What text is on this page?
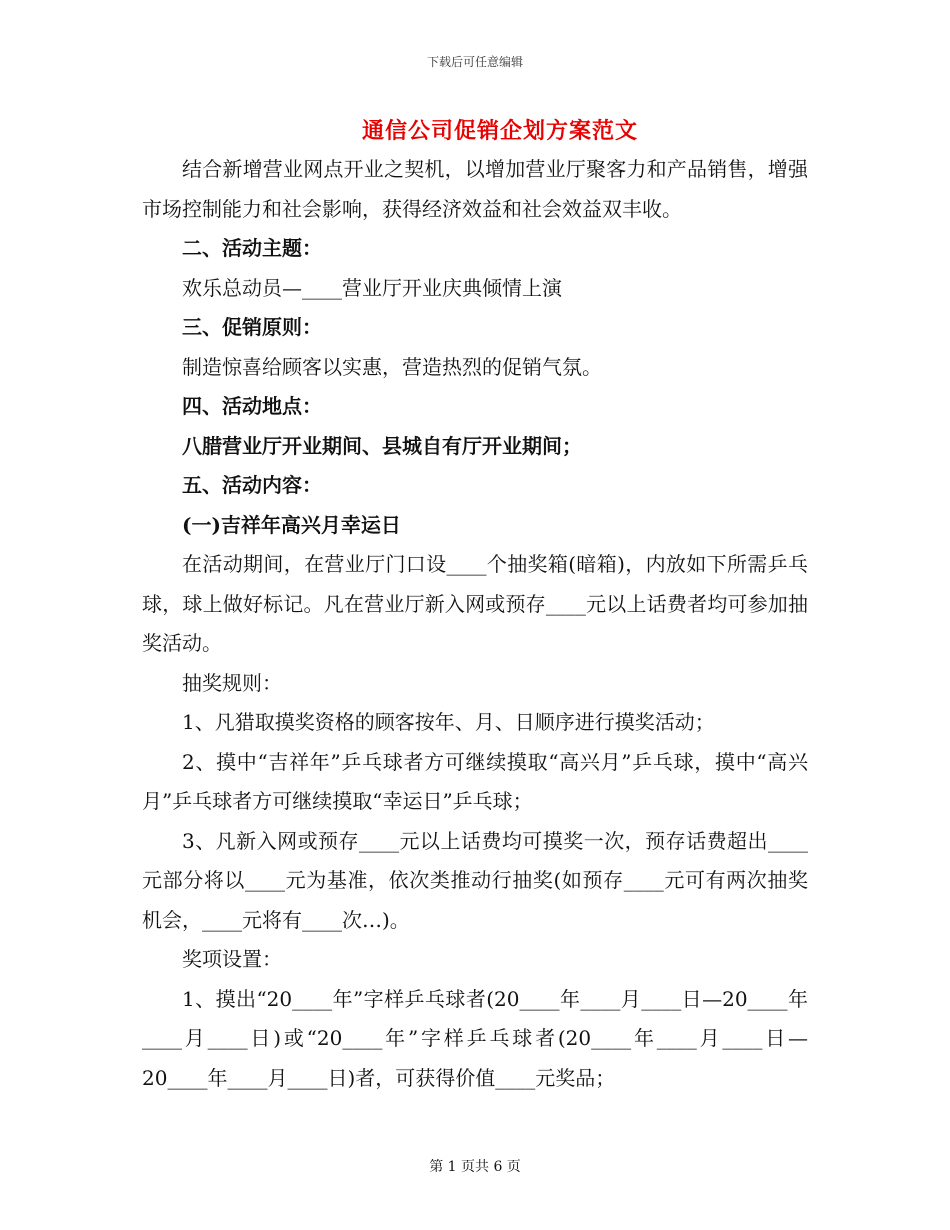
下载后可任意编辑
通信公司促销企划方案范文

结合新增营业网点开业之契机，以增加营业厅聚客力和产品销售，增强市场控制能力和社会影响，获得经济效益和社会效益双丰收。

二、活动主题：

欢乐总动员—____营业厅开业庆典倾情上演

三、促销原则：

制造惊喜给顾客以实惠，营造热烈的促销气氛。

四、活动地点：

八腊营业厅开业期间、县城自有厅开业期间；

五、活动内容：

(一)吉祥年高兴月幸运日

在活动期间，在营业厅门口设____个抽奖箱(暗箱)，内放如下所需乒乓球，球上做好标记。凡在营业厅新入网或预存____元以上话费者均可参加抽奖活动。

抽奖规则：

1、凡猎取摸奖资格的顾客按年、月、日顺序进行摸奖活动；

2、摸中“吉祥年”乒乓球者方可继续摸取“高兴月”乒乓球，摸中“高兴月”乒乓球者方可继续摸取“幸运日”乒乓球；

3、凡新入网或预存____元以上话费均可摸奖一次，预存话费超出____元部分将以____元为基准，依次类推动行抽奖(如预存____元可有两次抽奖机会，____元将有____次…)。

奖项设置：

1、摸出“20____年”字样乒乓球者(20____年____月____日—20____年____月____日)或“20____年”字样乒乓球者(20____年____月____日—20____年____月____日)者，可获得价值____元奖品；

第 1 页共 6 页
